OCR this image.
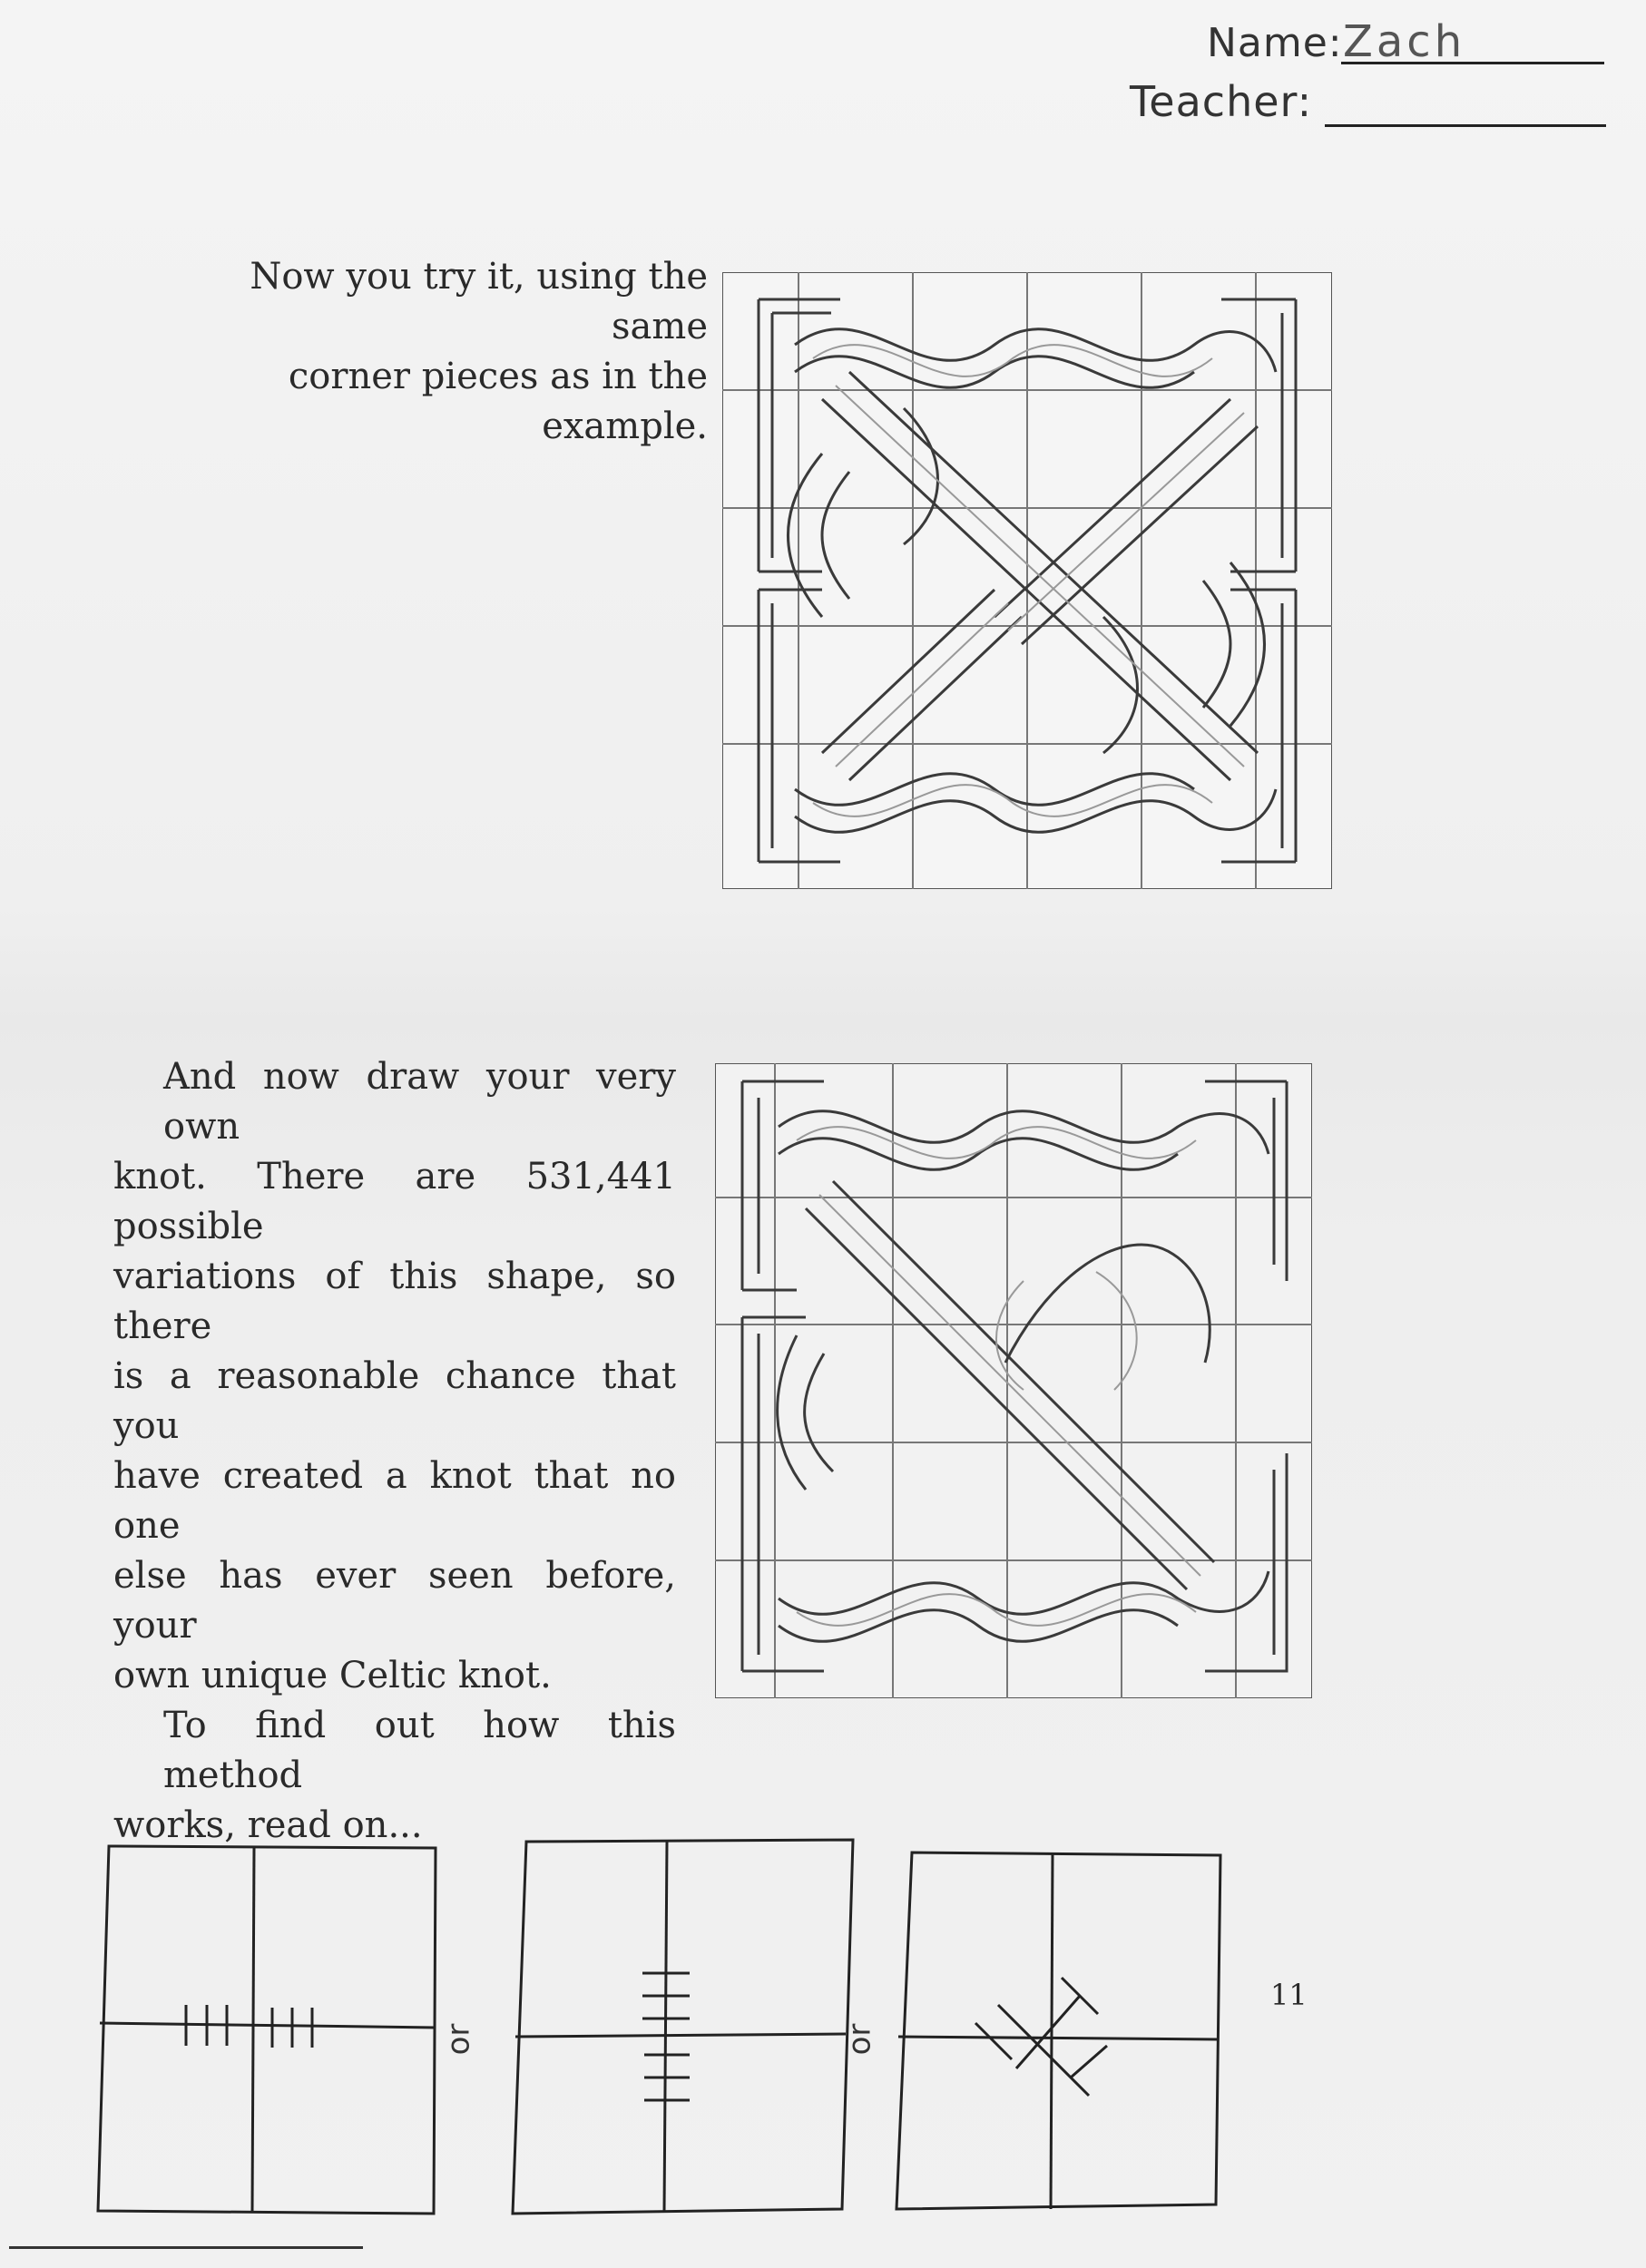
Name: Zach
Teacher:

Now you try it, using the same
corner pieces as in the example.

And now draw your very own
knot. There are 531,441 possible
variations of this shape, so there
is a reasonable chance that you
have created a knot that no one
else has ever seen before, your
own unique Celtic knot.
To find out how this method
works, read on...

or	or
11
